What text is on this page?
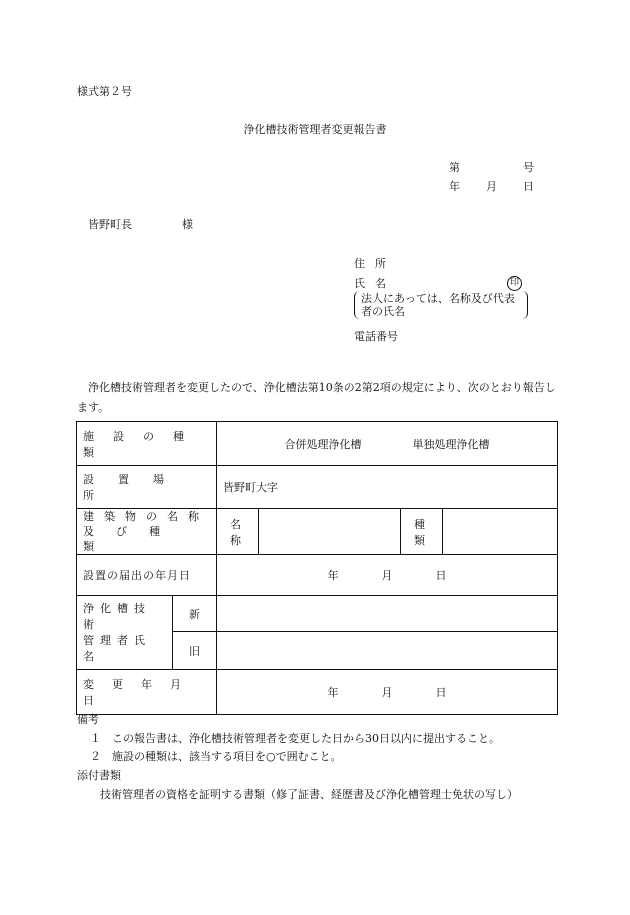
様式第２号
浄化槽技術管理者変更報告書
第	号
年 月 日
皆野町長	様
住所
氏名	印
法人にあっては、名称及び代表
者の氏名
電話番号
浄化槽技術管理者を変更したので、浄化槽法第10条の2第2項の規定により、次のとおり報告します。
施設の種類		合併処理浄化槽 単独処理浄化槽			
設置場所		皆野町大字			

建築物の名称
及び種類		名称		種類	
設置の届出の年月日		年 月 日			

浄化槽技術
管理者氏名	新				
	旧				
変更年月日		年 月 日			
備考
１　この報告書は、浄化槽技術管理者を変更した日から30日以内に提出すること。
２　施設の種類は、該当する項目を○で囲むこと。
添付書類
技術管理者の資格を証明する書類（修了証書、経歴書及び浄化槽管理士免状の写し）
